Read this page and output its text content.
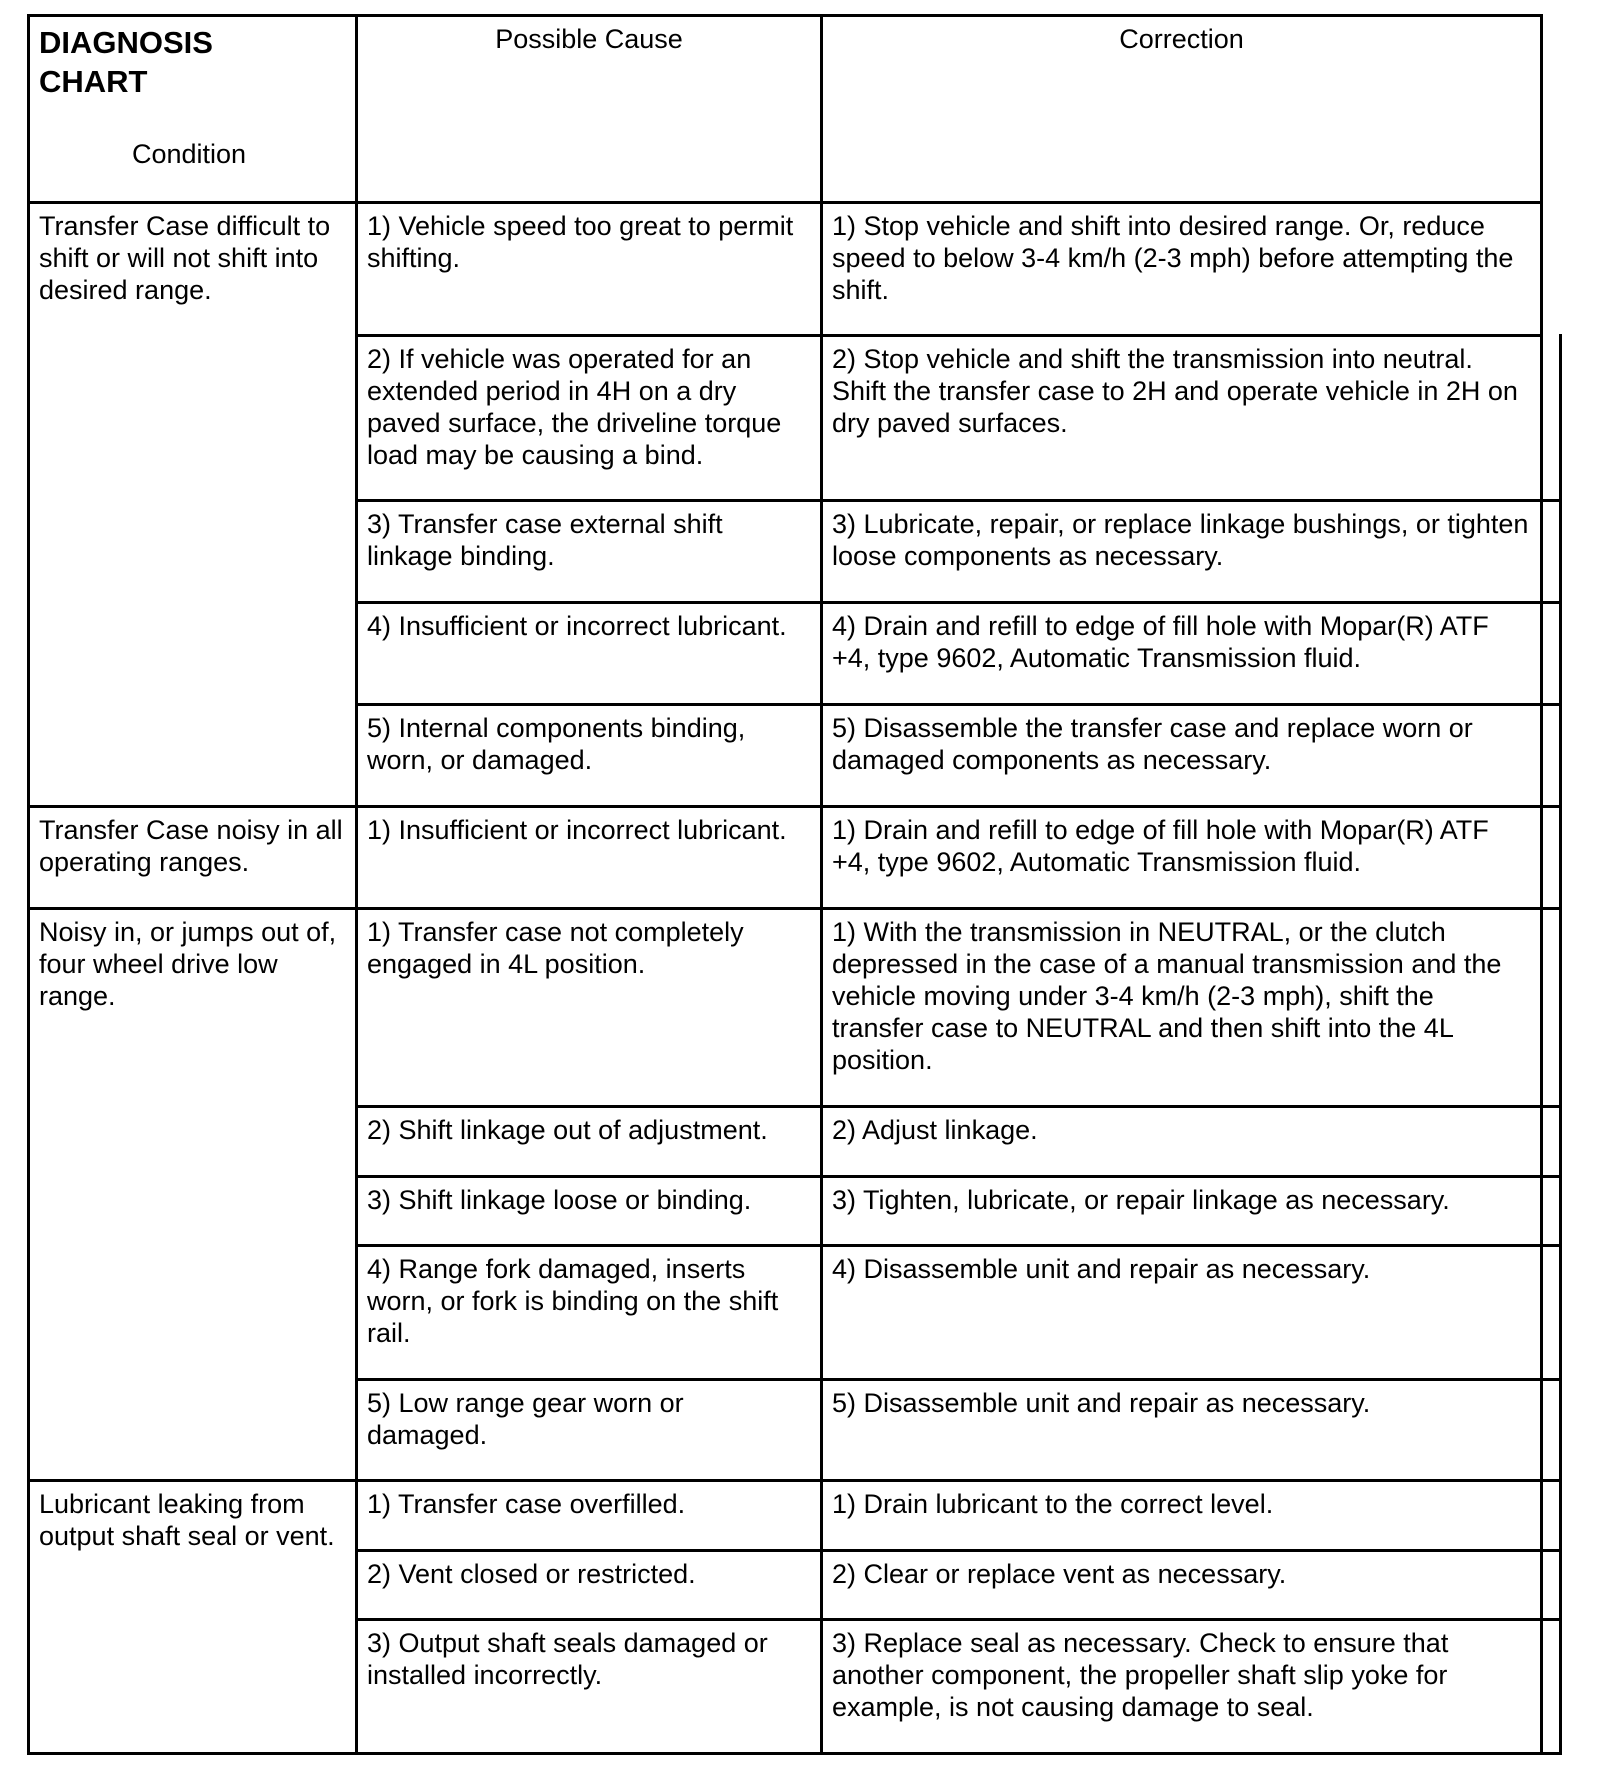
DIAGNOSIS
CHART
Condition	Possible Cause	Correction

Transfer Case difficult to shift or will not shift into desired range.	1) Vehicle speed too great to permit shifting.	1) Stop vehicle and shift into desired range. Or, reduce speed to below 3-4 km/h (2-3 mph) before attempting the shift.
	2) If vehicle was operated for an extended period in 4H on a dry paved surface, the driveline torque load may be causing a bind.	2) Stop vehicle and shift the transmission into neutral. Shift the transfer case to 2H and operate vehicle in 2H on dry paved surfaces.
	3) Transfer case external shift linkage binding.	3) Lubricate, repair, or replace linkage bushings, or tighten loose components as necessary.
	4) Insufficient or incorrect lubricant.	4) Drain and refill to edge of fill hole with Mopar(R) ATF +4, type 9602, Automatic Transmission fluid.
	5) Internal components binding, worn, or damaged.	5) Disassemble the transfer case and replace worn or damaged components as necessary.
Transfer Case noisy in all operating ranges.	1) Insufficient or incorrect lubricant.	1) Drain and refill to edge of fill hole with Mopar(R) ATF +4, type 9602, Automatic Transmission fluid.
Noisy in, or jumps out of, four wheel drive low range.	1) Transfer case not completely engaged in 4L position.	1) With the transmission in NEUTRAL, or the clutch depressed in the case of a manual transmission and the vehicle moving under 3-4 km/h (2-3 mph), shift the transfer case to NEUTRAL and then shift into the 4L position.
	2) Shift linkage out of adjustment.	2) Adjust linkage.
	3) Shift linkage loose or binding.	3) Tighten, lubricate, or repair linkage as necessary.
	4) Range fork damaged, inserts worn, or fork is binding on the shift rail.	4) Disassemble unit and repair as necessary.
	5) Low range gear worn or damaged.	5) Disassemble unit and repair as necessary.
Lubricant leaking from output shaft seal or vent.	1) Transfer case overfilled.	1) Drain lubricant to the correct level.
	2) Vent closed or restricted.	2) Clear or replace vent as necessary.
	3) Output shaft seals damaged or installed incorrectly.	3) Replace seal as necessary. Check to ensure that another component, the propeller shaft slip yoke for example, is not causing damage to seal.
